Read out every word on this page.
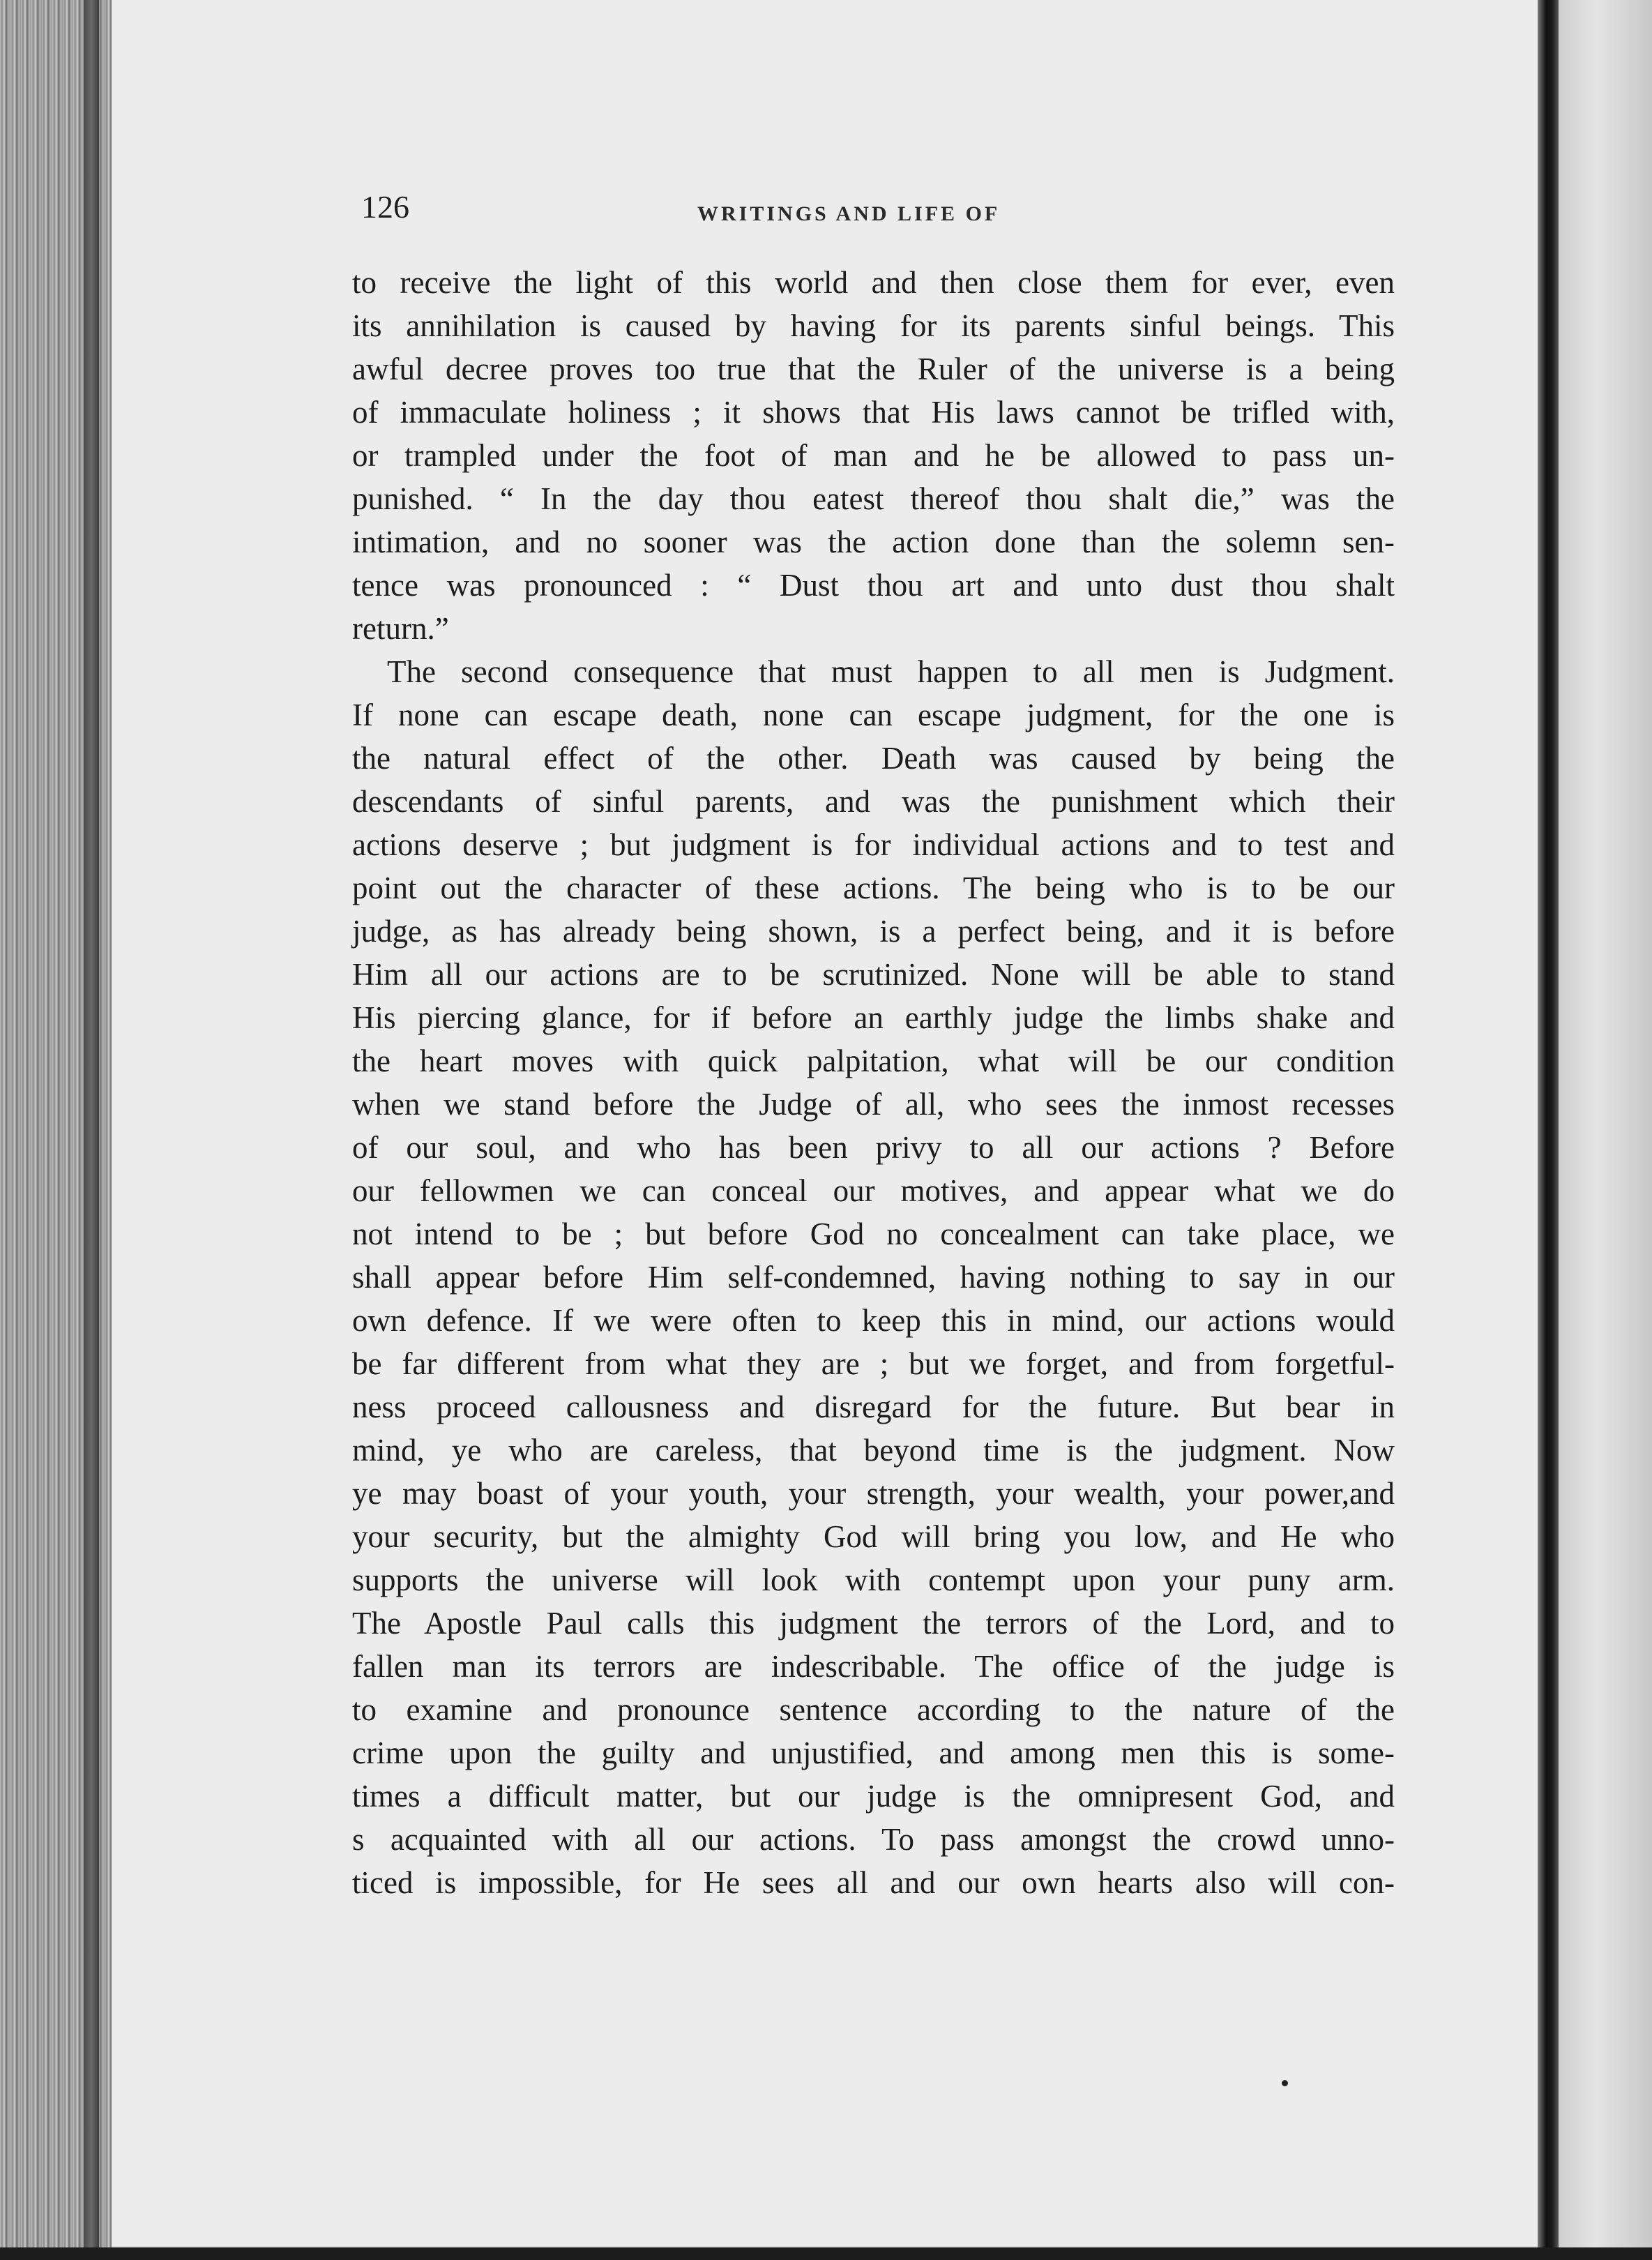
126	WRITINGS AND LIFE OF
to receive the light of this world and then close them for ever, even
its annihilation is caused by having for its parents sinful beings. This
awful decree proves too true that the Ruler of the universe is a being
of immaculate holiness ; it shows that His laws cannot be trifled with,
or trampled under the foot of man and he be allowed to pass un-
punished. “ In the day thou eatest thereof thou shalt die,” was the
intimation, and no sooner was the action done than the solemn sen-
tence was pronounced : “ Dust thou art and unto dust thou shalt
return.”
The second consequence that must happen to all men is Judgment.
If none can escape death, none can escape judgment, for the one is
the natural effect of the other. Death was caused by being the
descendants of sinful parents, and was the punishment which their
actions deserve ; but judgment is for individual actions and to test and
point out the character of these actions. The being who is to be our
judge, as has already being shown, is a perfect being, and it is before
Him all our actions are to be scrutinized. None will be able to stand
His piercing glance, for if before an earthly judge the limbs shake and
the heart moves with quick palpitation, what will be our condition
when we stand before the Judge of all, who sees the inmost recesses
of our soul, and who has been privy to all our actions ? Before
our fellowmen we can conceal our motives, and appear what we do
not intend to be ; but before God no concealment can take place, we
shall appear before Him self-condemned, having nothing to say in our
own defence. If we were often to keep this in mind, our actions would
be far different from what they are ; but we forget, and from forgetful-
ness proceed callousness and disregard for the future. But bear in
mind, ye who are careless, that beyond time is the judgment. Now
ye may boast of your youth, your strength, your wealth, your power,and
your security, but the almighty God will bring you low, and He who
supports the universe will look with contempt upon your puny arm.
The Apostle Paul calls this judgment the terrors of the Lord, and to
fallen man its terrors are indescribable. The office of the judge is
to examine and pronounce sentence according to the nature of the
crime upon the guilty and unjustified, and among men this is some-
times a difficult matter, but our judge is the omnipresent God, and
s acquainted with all our actions. To pass amongst the crowd unno-
ticed is impossible, for He sees all and our own hearts also will con-
